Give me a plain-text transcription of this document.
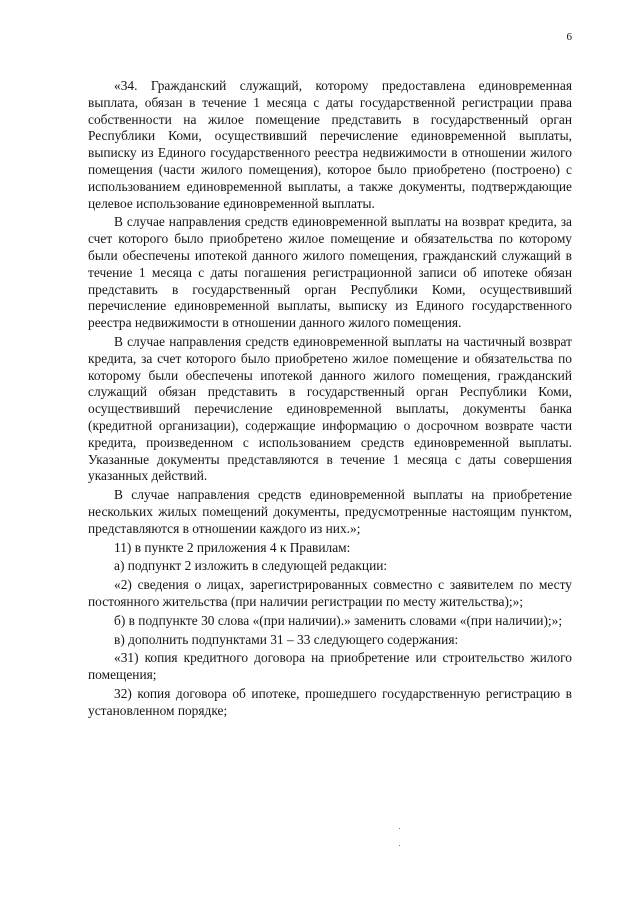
6

«34. Гражданский служащий, которому предоставлена единовременная выплата, обязан в течение 1 месяца с даты государственной регистрации права собственности на жилое помещение представить в государственный орган Республики Коми, осуществивший перечисление единовременной выплаты, выписку из Единого государственного реестра недвижимости в отношении жилого помещения (части жилого помещения), которое было приобретено (построено) с использованием единовременной выплаты, а также документы, подтверждающие целевое использование единовременной выплаты.

В случае направления средств единовременной выплаты на возврат кредита, за счет которого было приобретено жилое помещение и обязательства по которому были обеспечены ипотекой данного жилого помещения, гражданский служащий в течение 1 месяца с даты погашения регистрационной записи об ипотеке обязан представить в государственный орган Республики Коми, осуществивший перечисление единовременной выплаты, выписку из Единого государственного реестра недвижимости в отношении данного жилого помещения.

В случае направления средств единовременной выплаты на частичный возврат кредита, за счет которого было приобретено жилое помещение и обязательства по которому были обеспечены ипотекой данного жилого помещения, гражданский служащий обязан представить в государственный орган Республики Коми, осуществивший перечисление единовременной выплаты, документы банка (кредитной организации), содержащие информацию о досрочном возврате части кредита, произведенном с использованием средств единовременной выплаты. Указанные документы представляются в течение 1 месяца с даты совершения указанных действий.

В случае направления средств единовременной выплаты на приобретение нескольких жилых помещений документы, предусмотренные настоящим пунктом, представляются в отношении каждого из них.»;

11) в пункте 2 приложения 4 к Правилам:

а) подпункт 2 изложить в следующей редакции:

«2) сведения о лицах, зарегистрированных совместно с заявителем по месту постоянного жительства (при наличии регистрации по месту жительства);»;

б) в подпункте 30 слова «(при наличии).» заменить словами «(при наличии);»;

в) дополнить подпунктами 31 – 33 следующего содержания:

«31) копия кредитного договора на приобретение или строительство жилого помещения;

32) копия договора об ипотеке, прошедшего государственную регистрацию в установленном порядке;
